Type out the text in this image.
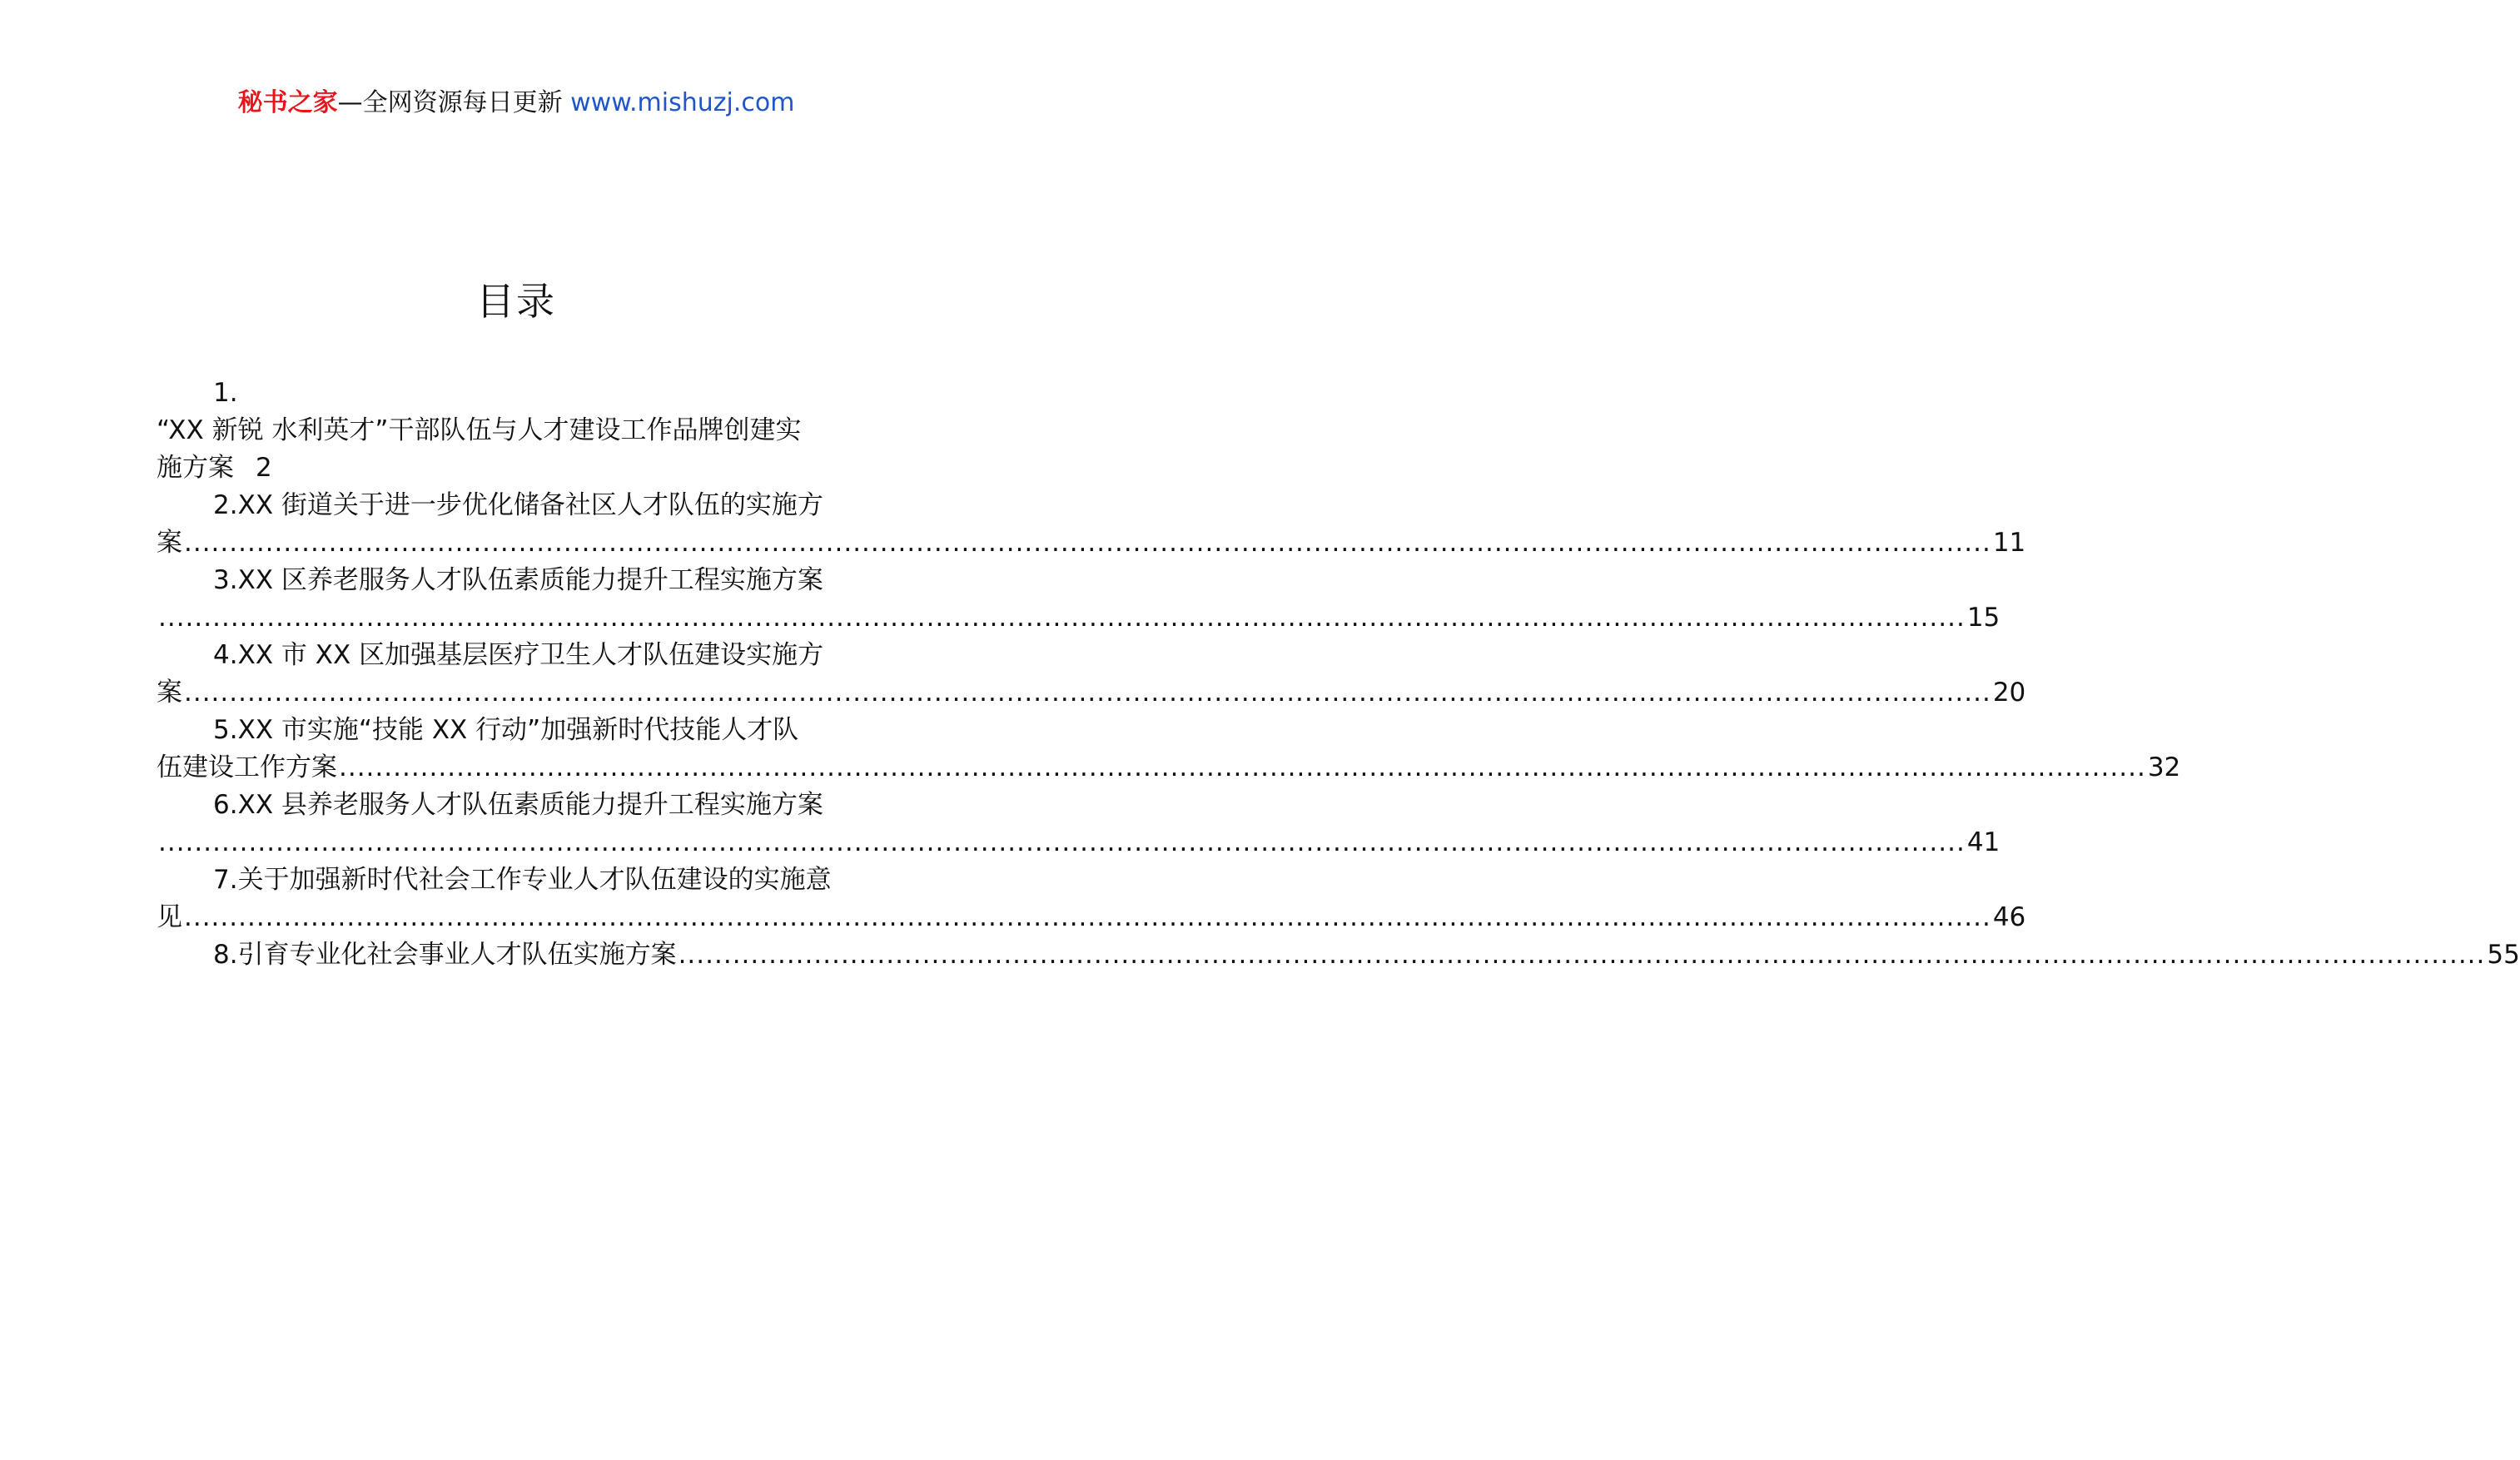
秘书之家—全网资源每日更新 www.mishuzj.com
目录
1.
“XX 新锐 水利英才”干部队伍与人才建设工作品牌创建实
施方案 2
2.XX 街道关于进一步优化储备社区人才队伍的实施方
案 ........................................................................................................................................................................................................ 11
3.XX 区养老服务人才队伍素质能力提升工程实施方案
........................................................................................................................................................................................................ 15
4.XX 市 XX 区加强基层医疗卫生人才队伍建设实施方
案 ........................................................................................................................................................................................................ 20
5.XX 市实施“技能 XX 行动”加强新时代技能人才队
伍建设工作方案 ........................................................................................................................................................................................................ 32
6.XX 县养老服务人才队伍素质能力提升工程实施方案
........................................................................................................................................................................................................ 41
7.关于加强新时代社会工作专业人才队伍建设的实施意
见 ........................................................................................................................................................................................................ 46
8.引育专业化社会事业人才队伍实施方案 ........................................................................................................................................................................................................ 55
